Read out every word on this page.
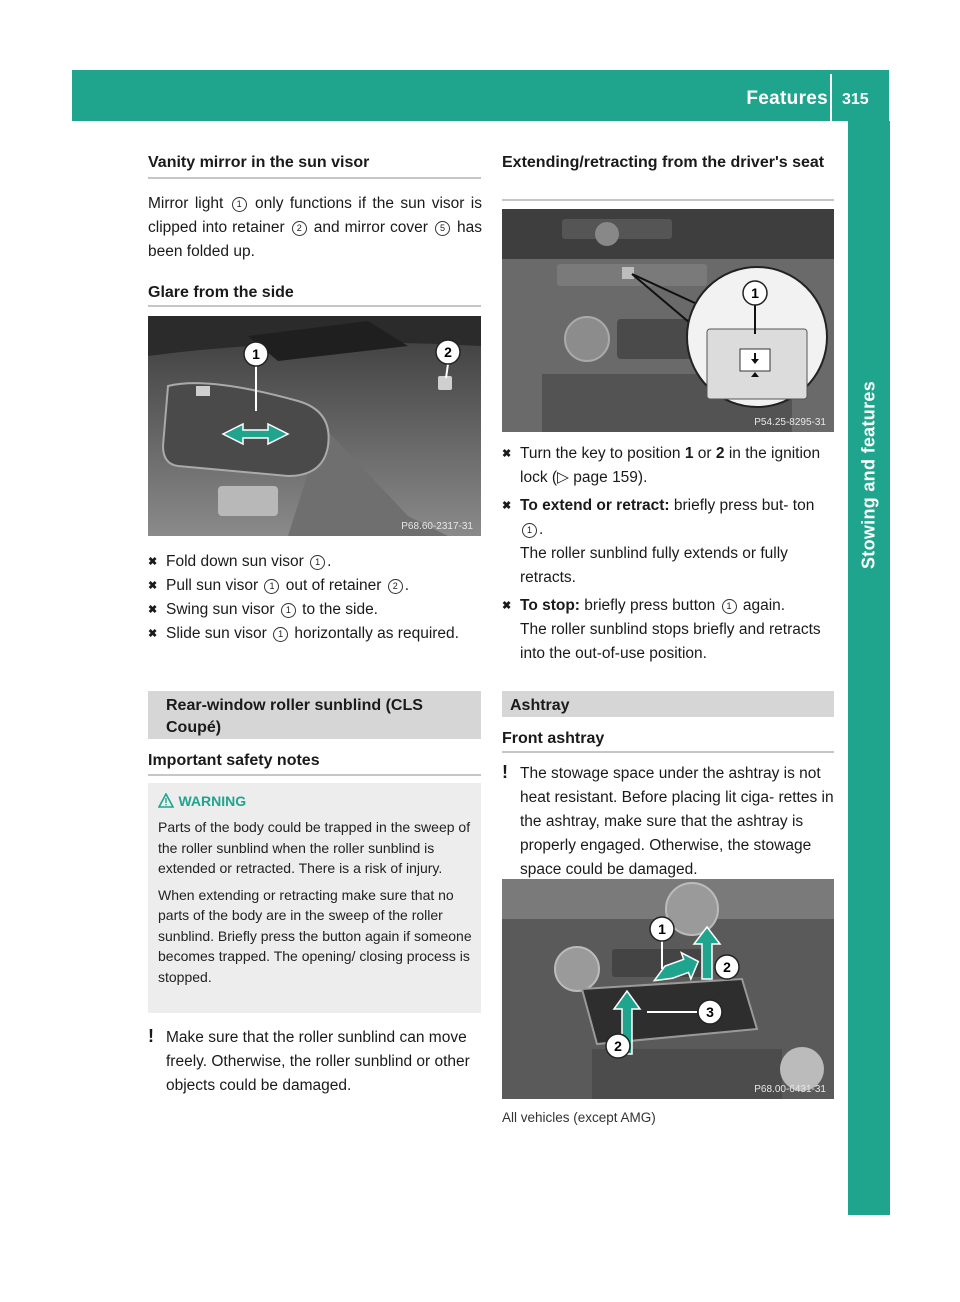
Features 315
Stowing and features
Vanity mirror in the sun visor
Mirror light 1 only functions if the sun visor is clipped into retainer 2 and mirror cover 5 has been folded up.
Glare from the side
1	2
P68.60-2317-31
✖ Fold down sun visor 1 .
✖ Pull sun visor 1 out of retainer 2 .
✖ Swing sun visor 1 to the side.
✖ Slide sun visor 1 horizontally as required.
Rear-window roller sunblind (CLS Coupé)
Important safety notes
WARNING

Parts of the body could be trapped in the sweep of the roller sunblind when the roller sunblind is extended or retracted. There is a risk of injury.

When extending or retracting make sure that no parts of the body are in the sweep of the roller sunblind. Briefly press the button again if someone becomes trapped. The opening/ closing process is stopped.

! Make sure that the roller sunblind can move freely. Otherwise, the roller sunblind or other objects could be damaged.
Extending/retracting from the driver's seat
1
P54.25-8295-31
✖ Turn the key to position 1 or 2 in the ignition lock (▷ page 159).
✖ To extend or retract: briefly press but- ton 1 .
The roller sunblind fully extends or fully retracts.
✖ To stop: briefly press button 1 again.
The roller sunblind stops briefly and retracts into the out-of-use position.
Ashtray
Front ashtray
! The stowage space under the ashtray is not heat resistant. Before placing lit ciga- rettes in the ashtray, make sure that the ashtray is properly engaged. Otherwise, the stowage space could be damaged.
1
2
3
2
P68.00-6431-31
All vehicles (except AMG)
